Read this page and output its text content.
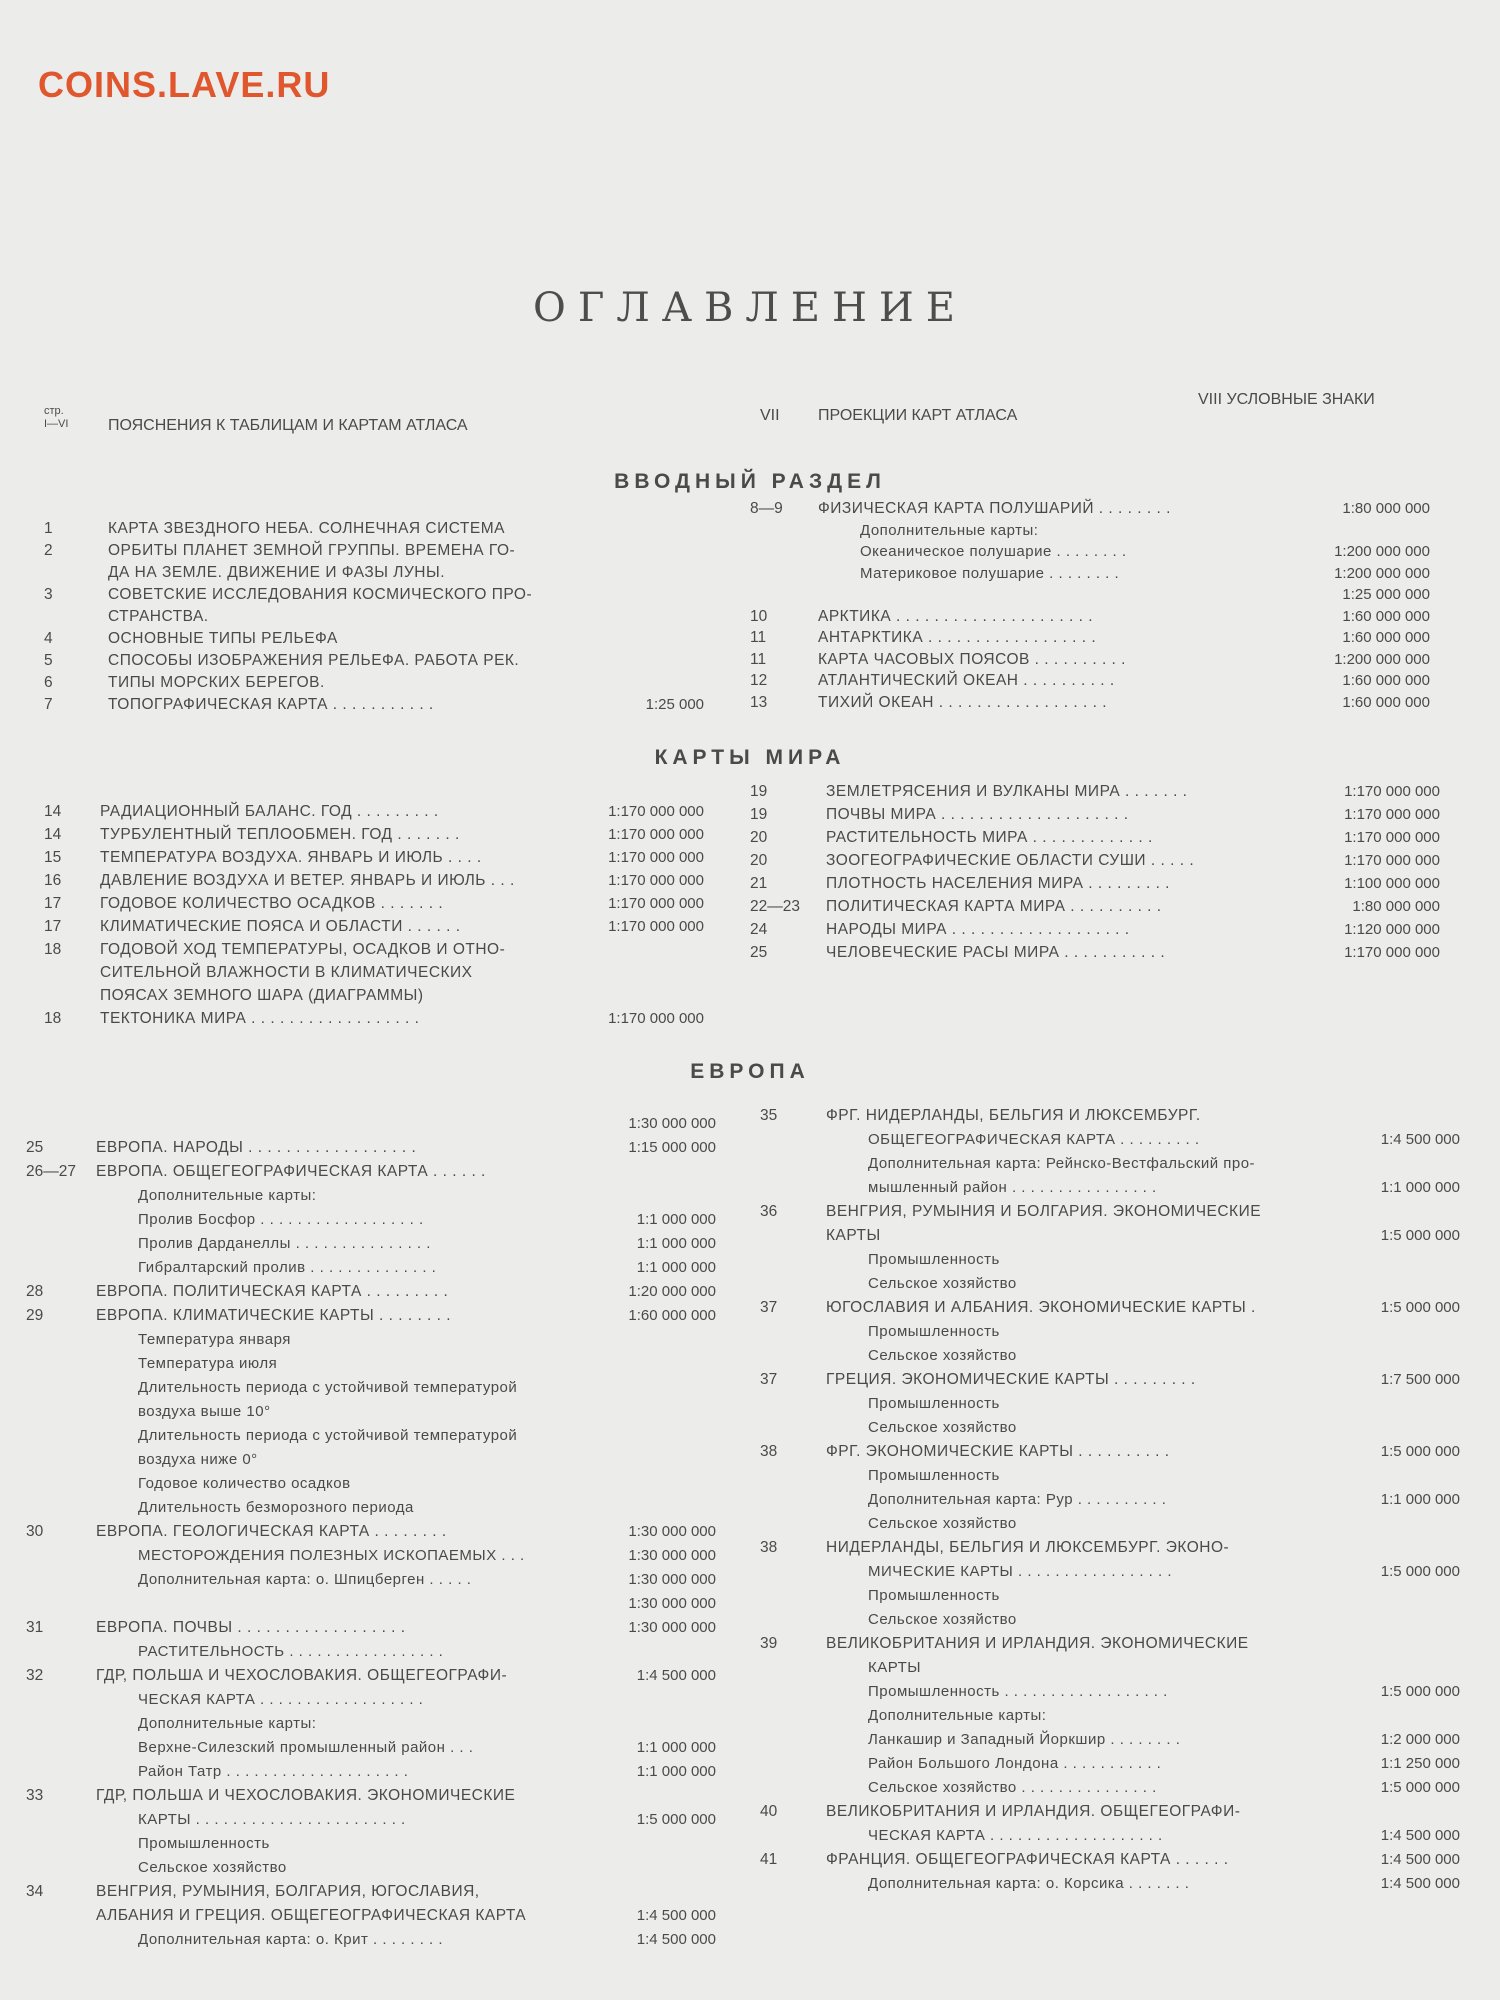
COINS.LAVE.RU
ОГЛАВЛЕНИЕ
стр.
I—VI ПОЯСНЕНИЯ К ТАБЛИЦАМ И КАРТАМ АТЛАСА
VII ПРОЕКЦИИ КАРТ АТЛАСА
VIII УСЛОВНЫЕ ЗНАКИ
ВВОДНЫЙ РАЗДЕЛ
1	КАРТА ЗВЕЗДНОГО НЕБА. СОЛНЕЧНАЯ СИСТЕМА
2	ОРБИТЫ ПЛАНЕТ ЗЕМНОЙ ГРУППЫ. ВРЕМЕНА ГО-
ДА НА ЗЕМЛЕ. ДВИЖЕНИЕ И ФАЗЫ ЛУНЫ.
3	СОВЕТСКИЕ ИССЛЕДОВАНИЯ КОСМИЧЕСКОГО ПРО-
СТРАНСТВА.
4	ОСНОВНЫЕ ТИПЫ РЕЛЬЕФА
5	СПОСОБЫ ИЗОБРАЖЕНИЯ РЕЛЬЕФА. РАБОТА РЕК.
6	ТИПЫ МОРСКИХ БЕРЕГОВ.
7	ТОПОГРАФИЧЕСКАЯ КАРТА . . . . . . . . . . .	1:25 000
8—9	ФИЗИЧЕСКАЯ КАРТА ПОЛУШАРИЙ . . . . . . . .	1:80 000 000
Дополнительные карты:
Океаническое полушарие . . . . . . . .	1:200 000 000
Материковое полушарие . . . . . . . .	1:200 000 000
1:25 000 000
10	АРКТИКА . . . . . . . . . . . . . . . . . . . . .	1:60 000 000
11	АНТАРКТИКА . . . . . . . . . . . . . . . . . .	1:60 000 000
11	КАРТА ЧАСОВЫХ ПОЯСОВ . . . . . . . . . .	1:200 000 000
12	АТЛАНТИЧЕСКИЙ ОКЕАН . . . . . . . . . .	1:60 000 000
13	ТИХИЙ ОКЕАН . . . . . . . . . . . . . . . . . .	1:60 000 000
КАРТЫ МИРА
14	РАДИАЦИОННЫЙ БАЛАНС. ГОД . . . . . . . . .	1:170 000 000
14	ТУРБУЛЕНТНЫЙ ТЕПЛООБМЕН. ГОД . . . . . . .	1:170 000 000
15	ТЕМПЕРАТУРА ВОЗДУХА. ЯНВАРЬ И ИЮЛЬ . . . .	1:170 000 000
16	ДАВЛЕНИЕ ВОЗДУХА И ВЕТЕР. ЯНВАРЬ И ИЮЛЬ . . .	1:170 000 000
17	ГОДОВОЕ КОЛИЧЕСТВО ОСАДКОВ . . . . . . .	1:170 000 000
17	КЛИМАТИЧЕСКИЕ ПОЯСА И ОБЛАСТИ . . . . . .	1:170 000 000
18	ГОДОВОЙ ХОД ТЕМПЕРАТУРЫ, ОСАДКОВ И ОТНО-
СИТЕЛЬНОЙ ВЛАЖНОСТИ В КЛИМАТИЧЕСКИХ
ПОЯСАХ ЗЕМНОГО ШАРА (ДИАГРАММЫ)
18	ТЕКТОНИКА МИРА . . . . . . . . . . . . . . . . . .	1:170 000 000
19	ЗЕМЛЕТРЯСЕНИЯ И ВУЛКАНЫ МИРА . . . . . . .	1:170 000 000
19	ПОЧВЫ МИРА . . . . . . . . . . . . . . . . . . . .	1:170 000 000
20	РАСТИТЕЛЬНОСТЬ МИРА . . . . . . . . . . . . .	1:170 000 000
20	ЗООГЕОГРАФИЧЕСКИЕ ОБЛАСТИ СУШИ . . . . .	1:170 000 000
21	ПЛОТНОСТЬ НАСЕЛЕНИЯ МИРА . . . . . . . . .	1:100 000 000
22—23	ПОЛИТИЧЕСКАЯ КАРТА МИРА . . . . . . . . . .	1:80 000 000
24	НАРОДЫ МИРА . . . . . . . . . . . . . . . . . . .	1:120 000 000
25	ЧЕЛОВЕЧЕСКИЕ РАСЫ МИРА . . . . . . . . . . .	1:170 000 000
ЕВРОПА
1:30 000 000
25	ЕВРОПА. НАРОДЫ . . . . . . . . . . . . . . . . . .	1:15 000 000
26—27	ЕВРОПА. ОБЩЕГЕОГРАФИЧЕСКАЯ КАРТА . . . . . .
Дополнительные карты:
Пролив Босфор . . . . . . . . . . . . . . . . . .	1:1 000 000
Пролив Дарданеллы . . . . . . . . . . . . . . .	1:1 000 000
Гибралтарский пролив . . . . . . . . . . . . . .	1:1 000 000
28	ЕВРОПА. ПОЛИТИЧЕСКАЯ КАРТА . . . . . . . . .	1:20 000 000
29	ЕВРОПА. КЛИМАТИЧЕСКИЕ КАРТЫ . . . . . . . .	1:60 000 000
Температура января
Температура июля
Длительность периода с устойчивой температурой
воздуха выше 10°
Длительность периода с устойчивой температурой
воздуха ниже 0°
Годовое количество осадков
Длительность безморозного периода
30	ЕВРОПА. ГЕОЛОГИЧЕСКАЯ КАРТА . . . . . . . .	1:30 000 000
МЕСТОРОЖДЕНИЯ ПОЛЕЗНЫХ ИСКОПАЕМЫХ . . .	1:30 000 000
Дополнительная карта: о. Шпицберген . . . . .	1:30 000 000
1:30 000 000
31	ЕВРОПА. ПОЧВЫ . . . . . . . . . . . . . . . . . .	1:30 000 000
РАСТИТЕЛЬНОСТЬ . . . . . . . . . . . . . . . . .
32	ГДР, ПОЛЬША И ЧЕХОСЛОВАКИЯ. ОБЩЕГЕОГРАФИ-	1:4 500 000
ЧЕСКАЯ КАРТА . . . . . . . . . . . . . . . . . .
Дополнительные карты:
Верхне-Силезский промышленный район . . .	1:1 000 000
Район Татр . . . . . . . . . . . . . . . . . . . .	1:1 000 000
33	ГДР, ПОЛЬША И ЧЕХОСЛОВАКИЯ. ЭКОНОМИЧЕСКИЕ
КАРТЫ . . . . . . . . . . . . . . . . . . . . . . .	1:5 000 000
Промышленность
Сельское хозяйство
34	ВЕНГРИЯ, РУМЫНИЯ, БОЛГАРИЯ, ЮГОСЛАВИЯ,
АЛБАНИЯ И ГРЕЦИЯ. ОБЩЕГЕОГРАФИЧЕСКАЯ КАРТА	1:4 500 000
Дополнительная карта: о. Крит . . . . . . . .	1:4 500 000
35	ФРГ. НИДЕРЛАНДЫ, БЕЛЬГИЯ И ЛЮКСЕМБУРГ.
ОБЩЕГЕОГРАФИЧЕСКАЯ КАРТА . . . . . . . . .	1:4 500 000
Дополнительная карта: Рейнско-Вестфальский про-
мышленный район . . . . . . . . . . . . . . . .	1:1 000 000
36	ВЕНГРИЯ, РУМЫНИЯ И БОЛГАРИЯ. ЭКОНОМИЧЕСКИЕ
КАРТЫ	1:5 000 000
Промышленность
Сельское хозяйство
37	ЮГОСЛАВИЯ И АЛБАНИЯ. ЭКОНОМИЧЕСКИЕ КАРТЫ .	1:5 000 000
Промышленность
Сельское хозяйство
37	ГРЕЦИЯ. ЭКОНОМИЧЕСКИЕ КАРТЫ . . . . . . . . .	1:7 500 000
Промышленность
Сельское хозяйство
38	ФРГ. ЭКОНОМИЧЕСКИЕ КАРТЫ . . . . . . . . . .	1:5 000 000
Промышленность
Дополнительная карта: Рур . . . . . . . . . .	1:1 000 000
Сельское хозяйство
38	НИДЕРЛАНДЫ, БЕЛЬГИЯ И ЛЮКСЕМБУРГ. ЭКОНО-
МИЧЕСКИЕ КАРТЫ . . . . . . . . . . . . . . . . .	1:5 000 000
Промышленность
Сельское хозяйство
39	ВЕЛИКОБРИТАНИЯ И ИРЛАНДИЯ. ЭКОНОМИЧЕСКИЕ
КАРТЫ
Промышленность . . . . . . . . . . . . . . . . . .	1:5 000 000
Дополнительные карты:
Ланкашир и Западный Йоркшир . . . . . . . .	1:2 000 000
Район Большого Лондона . . . . . . . . . . .	1:1 250 000
Сельское хозяйство . . . . . . . . . . . . . . .	1:5 000 000
40	ВЕЛИКОБРИТАНИЯ И ИРЛАНДИЯ. ОБЩЕГЕОГРАФИ-
ЧЕСКАЯ КАРТА . . . . . . . . . . . . . . . . . . .	1:4 500 000
41	ФРАНЦИЯ. ОБЩЕГЕОГРАФИЧЕСКАЯ КАРТА . . . . . .	1:4 500 000
Дополнительная карта: о. Корсика . . . . . . .	1:4 500 000
